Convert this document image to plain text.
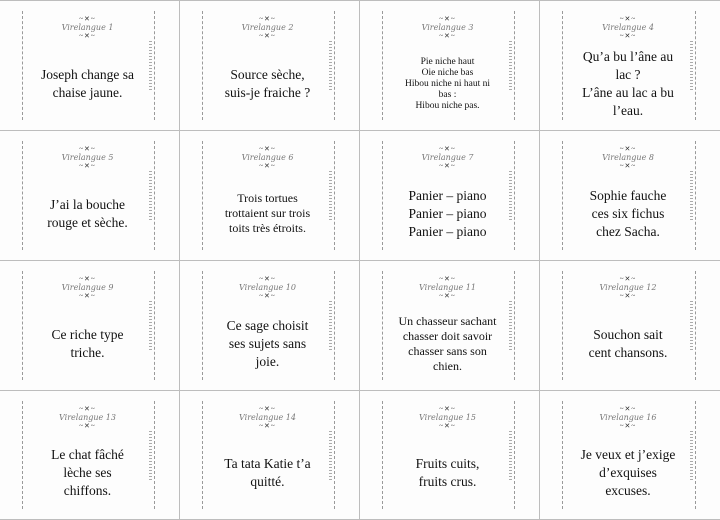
~✕~
Virelangue 1
~✕~
Joseph change sa
chaise jaune.
~✕~
Virelangue 2
~✕~
Source sèche,
suis-je fraiche ?
~✕~
Virelangue 3
~✕~
Pie niche haut
Oie niche bas
Hibou niche ni haut ni
bas :
Hibou niche pas.
~✕~
Virelangue 4
~✕~
Qu’a bu l’âne au
lac ?
L’âne au lac a bu
l’eau.
~✕~
Virelangue 5
~✕~
J’ai la bouche
rouge et sèche.
~✕~
Virelangue 6
~✕~
Trois tortues
trottaient sur trois
toits très étroits.
~✕~
Virelangue 7
~✕~
Panier – piano
Panier – piano
Panier – piano
~✕~
Virelangue 8
~✕~
Sophie fauche
ces six fichus
chez Sacha.
~✕~
Virelangue 9
~✕~
Ce riche type
triche.
~✕~
Virelangue 10
~✕~
Ce sage choisit
ses sujets sans
joie.
~✕~
Virelangue 11
~✕~
Un chasseur sachant
chasser doit savoir
chasser sans son
chien.
~✕~
Virelangue 12
~✕~
Souchon sait
cent chansons.
~✕~
Virelangue 13
~✕~
Le chat fâché
lèche ses
chiffons.
~✕~
Virelangue 14
~✕~
Ta tata Katie t’a
quitté.
~✕~
Virelangue 15
~✕~
Fruits cuits,
fruits crus.
~✕~
Virelangue 16
~✕~
Je veux et j’exige
d’exquises
excuses.
